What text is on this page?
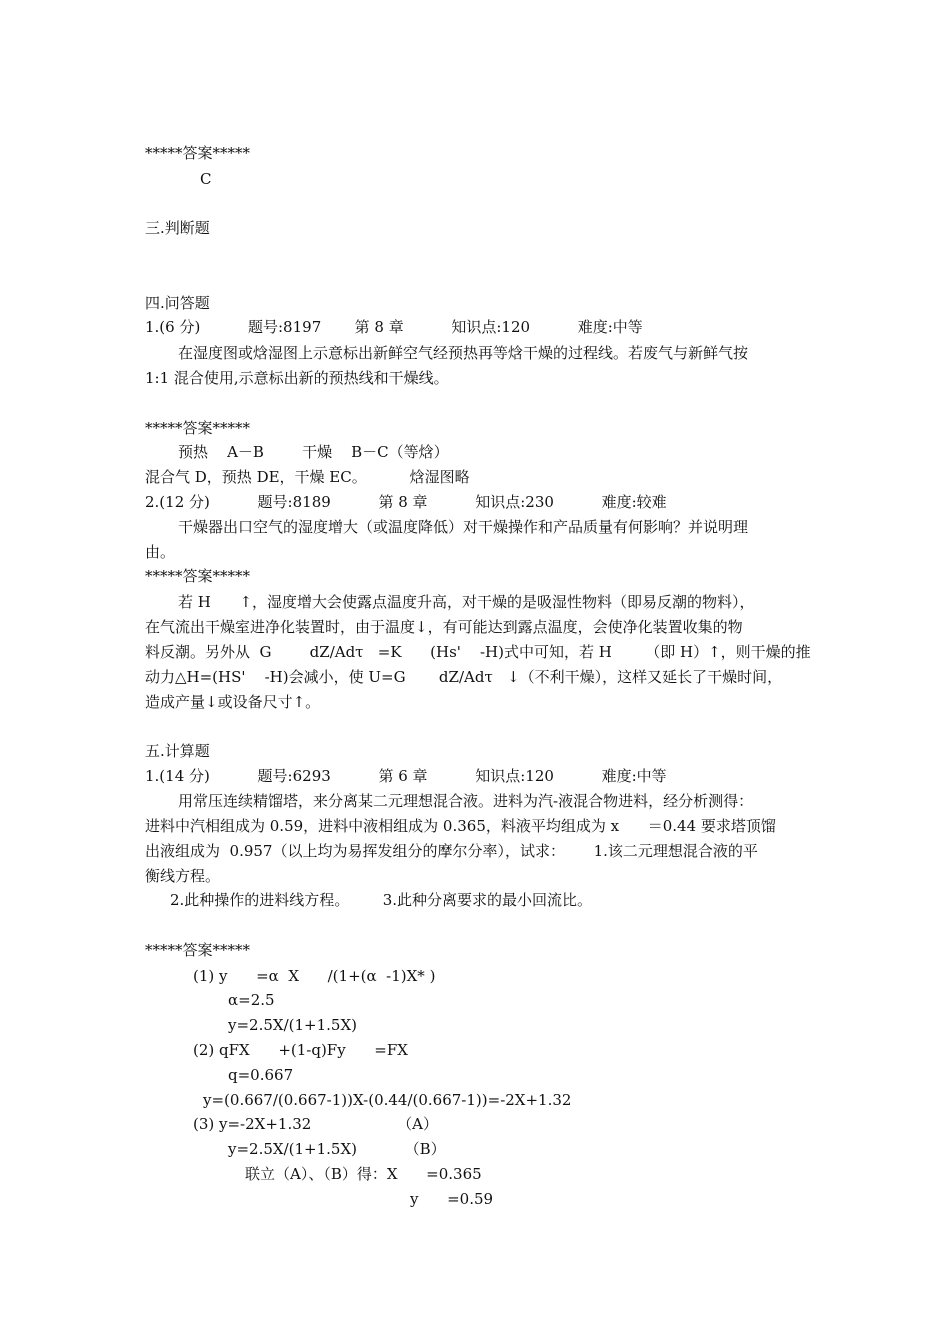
*****答案*****
C
三.判断题
四.问答题
1.(6 分)          题号:8197       第 8 章          知识点:120          难度:中等
在湿度图或焓湿图上示意标出新鲜空气经预热再等焓干燥的过程线。若废气与新鲜气按
1:1 混合使用,示意标出新的预热线和干燥线。
*****答案*****
预热    A－B        干燥    B－C（等焓）
混合气 D，预热 DE，干燥 EC。         焓湿图略
2.(12 分)          题号:8189          第 8 章          知识点:230          难度:较难
干燥器出口空气的湿度增大（或温度降低）对干燥操作和产品质量有何影响？并说明理
由。
*****答案*****
若 H      ↑，湿度增大会使露点温度升高，对干燥的是吸湿性物料（即易反潮的物料），
在气流出干燥室进净化装置时，由于温度↓，有可能达到露点温度，会使净化装置收集的物
料反潮。另外从  G        dZ/Adτ   =K      (Hs'    -H)式中可知，若 H       （即 H）↑，则干燥的推
动力△H=(HS'    -H)会减小，使 U=G       dZ/Adτ   ↓（不利干燥），这样又延长了干燥时间，
造成产量↓或设备尺寸↑。
五.计算题
1.(14 分)          题号:6293          第 6 章          知识点:120          难度:中等
用常压连续精馏塔，来分离某二元理想混合液。进料为汽-液混合物进料，经分析测得：
进料中汽相组成为 0.59，进料中液相组成为 0.365，料液平均组成为 x      ＝0.44 要求塔顶馏
出液组成为  0.957（以上均为易挥发组分的摩尔分率），试求：      1.该二元理想混合液的平
衡线方程。
2.此种操作的进料线方程。       3.此种分离要求的最小回流比。
*****答案*****
(1) y      =α  X      /(1+(α  -1)X* )
α=2.5
y=2.5X/(1+1.5X)
(2) qFX      +(1-q)Fy      =FX
q=0.667
y=(0.667/(0.667-1))X-(0.44/(0.667-1))=-2X+1.32
(3) y=-2X+1.32                  （A）
y=2.5X/(1+1.5X)          （B）
联立（A）、（B）得：X      =0.365
y      =0.59
